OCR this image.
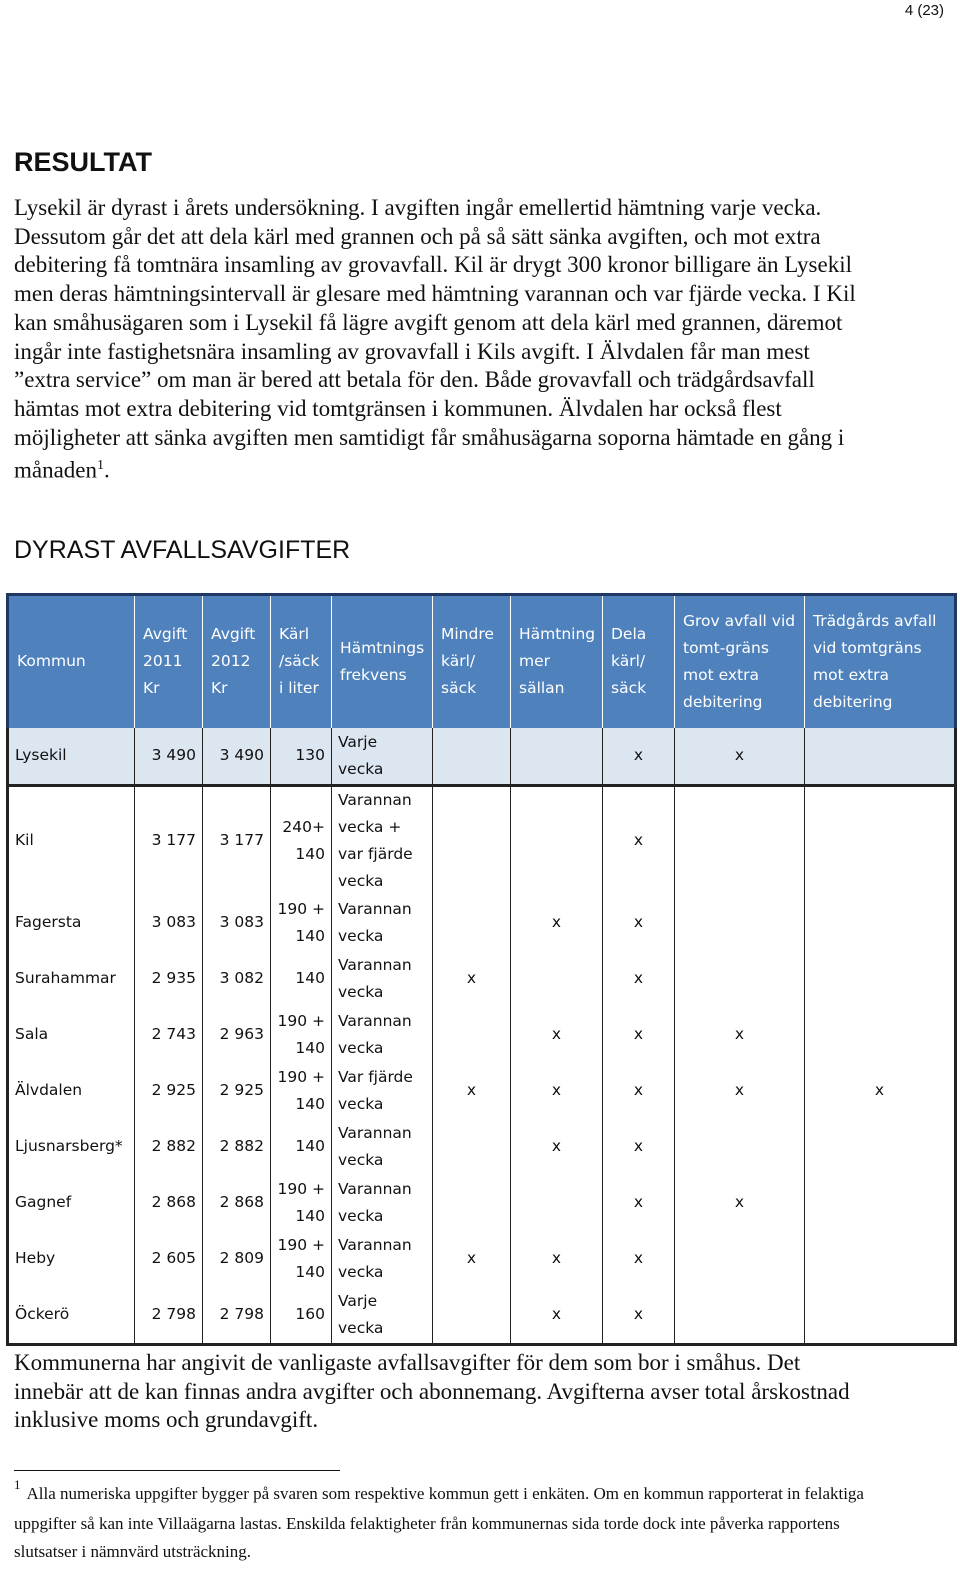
4 (23)
RESULTAT

Lysekil är dyrast i årets undersökning. I avgiften ingår emellertid hämtning varje vecka. Dessutom går det att dela kärl med grannen och på så sätt sänka avgiften, och mot extra debitering få tomtnära insamling av grovavfall. Kil är drygt 300 kronor billigare än Lysekil men deras hämtningsintervall är glesare med hämtning varannan och var fjärde vecka. I Kil kan småhusägaren som i Lysekil få lägre avgift genom att dela kärl med grannen, däremot ingår inte fastighetsnära insamling av grovavfall i Kils avgift. I Älvdalen får man mest ”extra service” om man är bered att betala för den. Både grovavfall och trädgårdsavfall hämtas mot extra debitering vid tomtgränsen i kommunen. Älvdalen har också flest möjligheter att sänka avgiften men samtidigt får småhusägarna soporna hämtade en gång i månaden$^1$.

DYRAST AVFALLSAVGIFTER
Kommun	Avgift 2011 Kr	Avgift 2012 Kr	Kärl /säck i liter	Hämtnings frekvens	Mindre kärl/ säck	Hämtning mer sällan	Dela kärl/ säck	Grov avfall vid tomt-gräns mot extra debitering	Trädgårds avfall vid tomtgräns mot extra debitering
Lysekil	3 490	3 490	130	Varje vecka			x	x	
Kil	3 177	3 177	240+ 140	Varannan vecka + var fjärde vecka			x		
Fagersta	3 083	3 083	190 + 140	Varannan vecka		x	x		
Surahammar	2 935	3 082	140	Varannan vecka	x		x		
Sala	2 743	2 963	190 + 140	Varannan vecka		x	x	x	
Älvdalen	2 925	2 925	190 + 140	Var fjärde vecka	x	x	x	x	x
Ljusnarsberg*	2 882	2 882	140	Varannan vecka		x	x		
Gagnef	2 868	2 868	190 + 140	Varannan vecka			x	x	
Heby	2 605	2 809	190 + 140	Varannan vecka	x	x	x		
Öckerö	2 798	2 798	160	Varje vecka		x	x		

Kommunerna har angivit de vanligaste avfallsavgifter för dem som bor i småhus. Det innebär att de kan finnas andra avgifter och abonnemang. Avgifterna avser total årskostnad inklusive moms och grundavgift.

$^1$ Alla numeriska uppgifter bygger på svaren som respektive kommun gett i enkäten. Om en kommun rapporterat in felaktiga uppgifter så kan inte Villaägarna lastas. Enskilda felaktigheter från kommunernas sida torde dock inte påverka rapportens slutsatser i nämnvärd utsträckning.
